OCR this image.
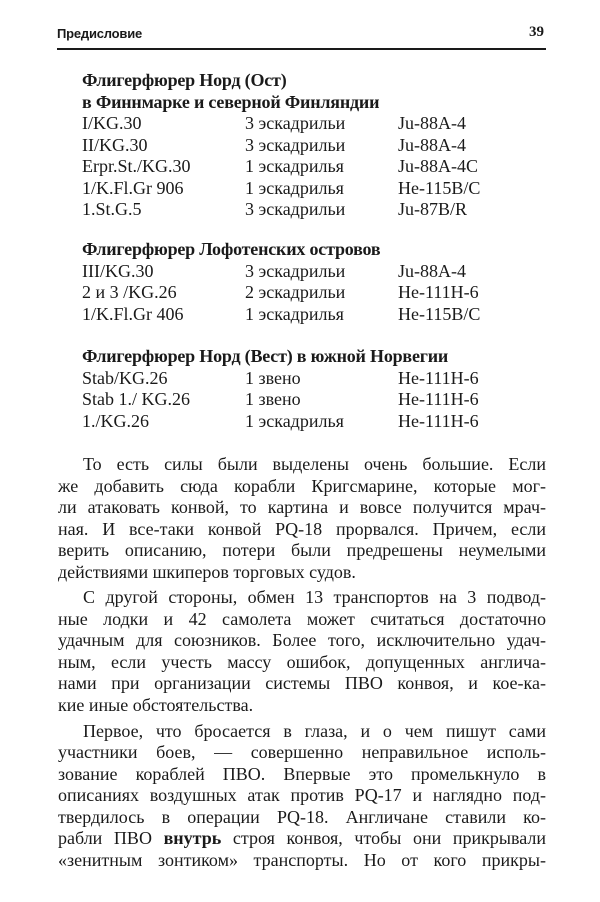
Предисловие	39
Флигерфюрер Норд (Ост)
в Финнмарке и северной Финляндии
I/KG.30	3 эскадрильи	Ju-88A-4
II/KG.30	3 эскадрильи	Ju-88A-4
Erpr.St./KG.30	1 эскадрилья	Ju-88A-4C
1/K.Fl.Gr 906	1 эскадрилья	He-115B/C
1.St.G.5	3 эскадрильи	Ju-87B/R
Флигерфюрер Лофотенских островов
III/KG.30	3 эскадрильи	Ju-88A-4
2 и 3 /KG.26	2 эскадрильи	He-111H-6
1/K.Fl.Gr 406	1 эскадрилья	He-115B/C
Флигерфюрер Норд (Вест) в южной Норвегии
Stab/KG.26	1 звено	He-111H-6
Stab 1./ KG.26	1 звено	He-111H-6
1./KG.26	1 эскадрилья	He-111H-6
То есть силы были выделены очень большие. Если
же добавить сюда корабли Кригсмарине, которые мог-
ли атаковать конвой, то картина и вовсе получится мрач-
ная. И все-таки конвой PQ-18 прорвался. Причем, если
верить описанию, потери были предрешены неумелыми
действиями шкиперов торговых судов.
С другой стороны, обмен 13 транспортов на 3 подвод-
ные лодки и 42 самолета может считаться достаточно
удачным для союзников. Более того, исключительно удач-
ным, если учесть массу ошибок, допущенных англича-
нами при организации системы ПВО конвоя, и кое-ка-
кие иные обстоятельства.
Первое, что бросается в глаза, и о чем пишут сами
участники боев, — совершенно неправильное исполь-
зование кораблей ПВО. Впервые это промелькнуло в
описаниях воздушных атак против PQ-17 и наглядно под-
твердилось в операции PQ-18. Англичане ставили ко-
рабли ПВО внутрь строя конвоя, чтобы они прикрывали
«зенитным зонтиком» транспорты. Но от кого прикры-
